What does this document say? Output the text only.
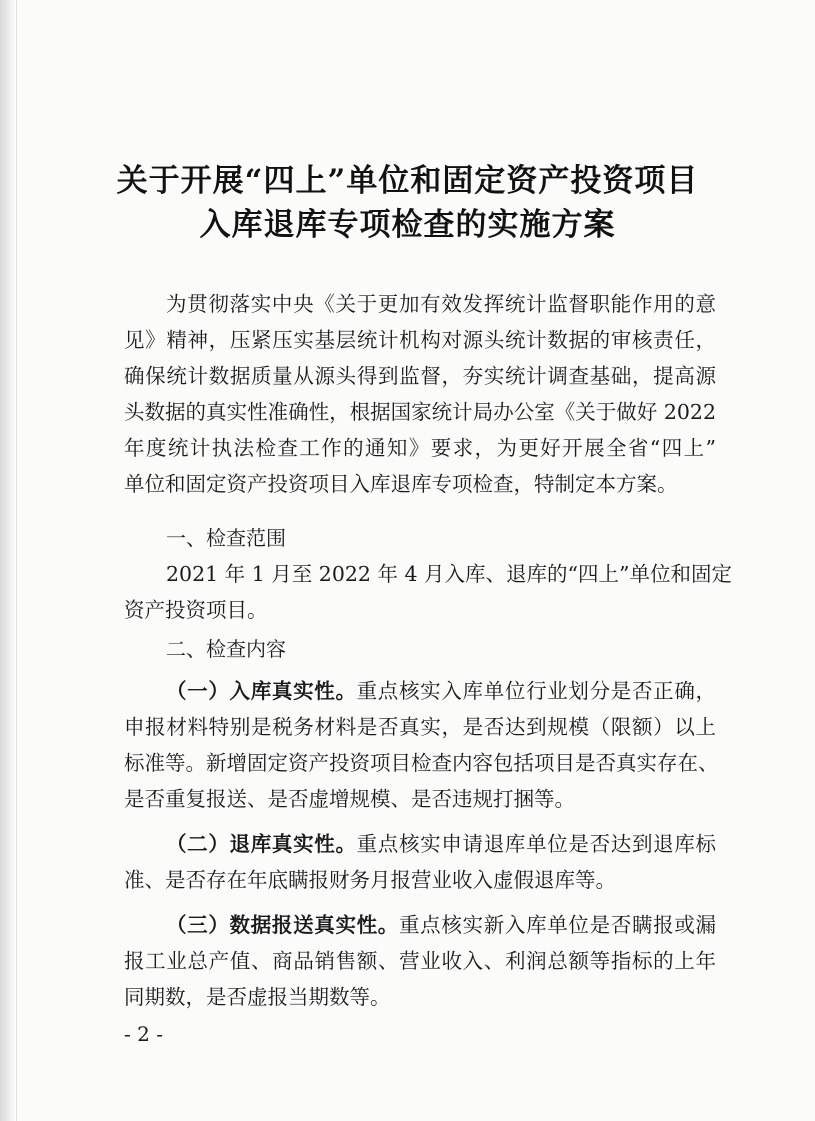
关于开展“四上”单位和固定资产投资项目
入库退库专项检查的实施方案
为贯彻落实中央《关于更加有效发挥统计监督职能作用的意
见》精神，压紧压实基层统计机构对源头统计数据的审核责任，
确保统计数据质量从源头得到监督，夯实统计调查基础，提高源
头数据的真实性准确性，根据国家统计局办公室《关于做好 2022
年度统计执法检查工作的通知》要求，为更好开展全省“四上”
单位和固定资产投资项目入库退库专项检查，特制定本方案。
一、检查范围
2021 年 1 月至 2022 年 4 月入库、退库的“四上”单位和固定
资产投资项目。
二、检查内容
（一）入库真实性。重点核实入库单位行业划分是否正确，
申报材料特别是税务材料是否真实，是否达到规模（限额）以上
标准等。新增固定资产投资项目检查内容包括项目是否真实存在、
是否重复报送、是否虚增规模、是否违规打捆等。
（二）退库真实性。重点核实申请退库单位是否达到退库标
准、是否存在年底瞒报财务月报营业收入虚假退库等。
（三）数据报送真实性。重点核实新入库单位是否瞒报或漏
报工业总产值、商品销售额、营业收入、利润总额等指标的上年
同期数，是否虚报当期数等。
- 2 -
